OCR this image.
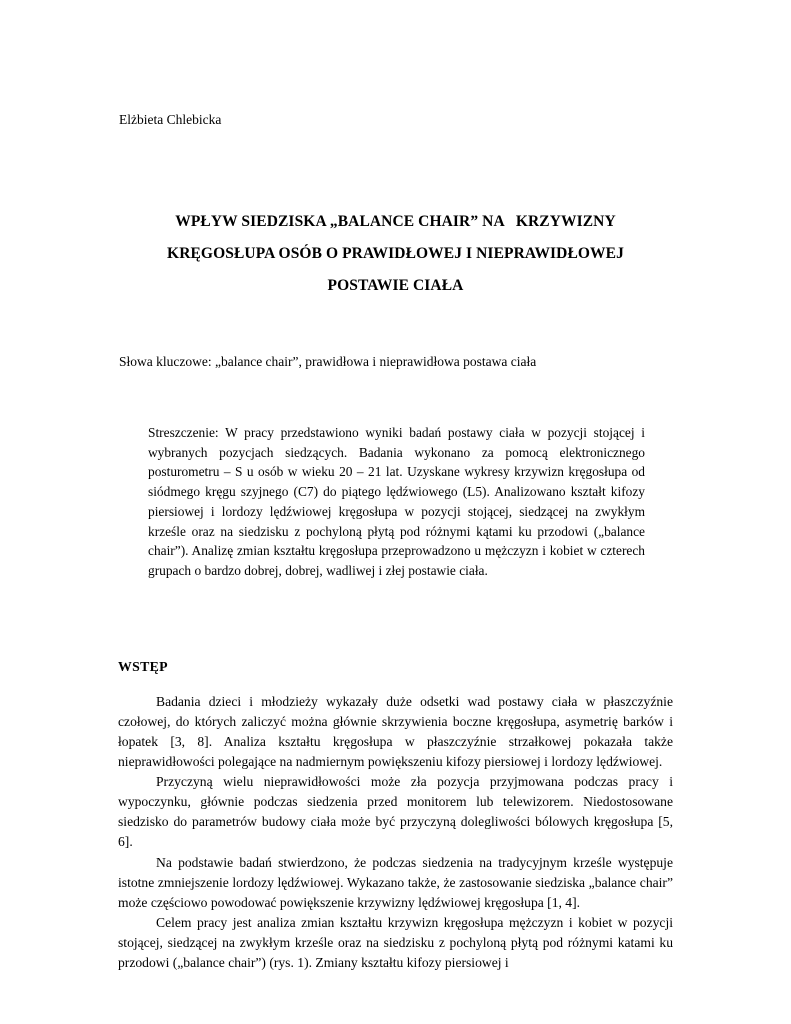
Elżbieta Chlebicka
WPŁYW SIEDZISKA „BALANCE CHAIR” NA   KRZYWIZNY
KRĘGOSŁUPA OSÓB O PRAWIDŁOWEJ I NIEPRAWIDŁOWEJ
POSTAWIE CIAŁA
Słowa kluczowe: „balance chair”, prawidłowa i nieprawidłowa postawa ciała
Streszczenie: W pracy przedstawiono wyniki badań postawy ciała w pozycji stojącej i wybranych pozycjach siedzących. Badania wykonano za pomocą elektronicznego posturometru – S u osób w wieku 20 – 21 lat. Uzyskane wykresy krzywizn kręgosłupa od siódmego kręgu szyjnego (C7) do piątego lędźwiowego (L5). Analizowano kształt kifozy piersiowej i lordozy lędźwiowej kręgosłupa w pozycji stojącej, siedzącej na zwykłym krześle oraz na siedzisku z pochyloną płytą pod różnymi kątami ku przodowi („balance chair”). Analizę zmian kształtu kręgosłupa przeprowadzono u mężczyzn i kobiet w czterech grupach o bardzo dobrej, dobrej, wadliwej i złej postawie ciała.
WSTĘP

Badania dzieci i młodzieży wykazały duże odsetki wad postawy ciała w płaszczyźnie czołowej, do których zaliczyć można głównie skrzywienia boczne kręgosłupa, asymetrię barków i łopatek [3, 8]. Analiza kształtu kręgosłupa w płaszczyźnie strzałkowej pokazała także nieprawidłowości polegające na nadmiernym powiększeniu kifozy piersiowej i lordozy lędźwiowej.

Przyczyną wielu nieprawidłowości może zła pozycja przyjmowana podczas pracy i wypoczynku, głównie podczas siedzenia przed monitorem lub telewizorem. Niedostosowane siedzisko do parametrów budowy ciała może być przyczyną dolegliwości bólowych kręgosłupa [5, 6].

Na podstawie badań stwierdzono, że podczas siedzenia na tradycyjnym krześle występuje istotne zmniejszenie lordozy lędźwiowej. Wykazano także, że zastosowanie siedziska „balance chair” może częściowo powodować powiększenie krzywizny lędźwiowej kręgosłupa [1, 4].

Celem pracy jest analiza zmian kształtu krzywizn kręgosłupa mężczyzn i kobiet w pozycji stojącej, siedzącej na zwykłym krześle oraz na siedzisku z pochyloną płytą pod różnymi katami ku przodowi („balance chair”) (rys. 1). Zmiany kształtu kifozy piersiowej i
